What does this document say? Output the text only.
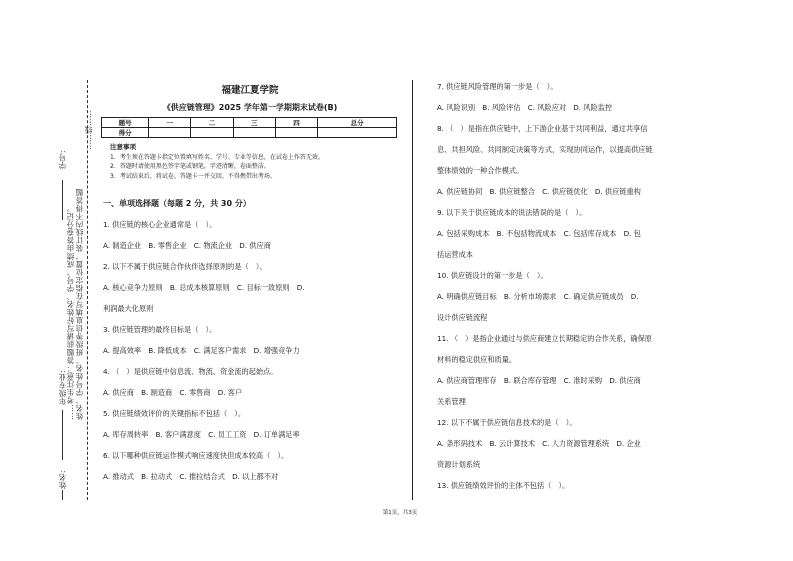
学号:
……考生注意：答题前请写好姓名、学号，成绩由答卷分记， 姓名、学号姓名、班级等信息填写在指定位置，装订线内不得答题
年级专业:
姓名:
……线……
福建江夏学院
《供应链管理》2025 学年第一学期期末试卷(B)
题号	一	二	三	四	总分
得分					
注意事项
1．考生须在答题卡指定位置填写姓名、学号、专业等信息，在试卷上作答无效。
2．答题时请使用黑色签字笔或钢笔，字迹清晰，卷面整洁。
3．考试结束后，将试卷、答题卡一并交回，不得携带出考场。

一、单项选择题（每题 2 分，共 30 分）

1. 供应链的核心企业通常是（　）。

A. 制造企业　B. 零售企业　C. 物流企业　D. 供应商

2. 以下不属于供应链合作伙伴选择原则的是（　）。

A. 核心竞争力原则　B. 总成本核算原则　C. 目标一致原则　D.

利润最大化原则

3. 供应链管理的最终目标是（　）。

A. 提高效率　B. 降低成本　C. 满足客户需求　D. 增强竞争力

4. （　）是供应链中信息流、物流、资金流的起始点。

A. 供应商　B. 制造商　C. 零售商　D. 客户

5. 供应链绩效评价的关键指标不包括（　）。

A. 库存周转率　B. 客户满意度　C. 员工工资　D. 订单满足率

6. 以下哪种供应链运作模式响应速度快但成本较高（　）。

A. 推动式　B. 拉动式　C. 推拉结合式　D. 以上都不对

7. 供应链风险管理的第一步是（　）。

A. 风险识别　B. 风险评估　C. 风险应对　D. 风险监控

8. （　）是指在供应链中，上下游企业基于共同利益，通过共享信

息、共担风险、共同制定决策等方式，实现协同运作，以提高供应链

整体绩效的一种合作模式。

A. 供应链协同　B. 供应链整合　C. 供应链优化　D. 供应链重构

9. 以下关于供应链成本的说法错误的是（　）。

A. 包括采购成本　B. 不包括物流成本　C. 包括库存成本　D. 包

括运营成本

10. 供应链设计的第一步是（　）。

A. 明确供应链目标　B. 分析市场需求　C. 确定供应链成员　D.

设计供应链流程

11. （　）是指企业通过与供应商建立长期稳定的合作关系，确保原

材料的稳定供应和质量。

A. 供应商管理库存　B. 联合库存管理　C. 准时采购　D. 供应商

关系管理

12. 以下不属于供应链信息技术的是（　）。

A. 条形码技术　B. 云计算技术　C. 人力资源管理系统　D. 企业

资源计划系统

13. 供应链绩效评价的主体不包括（　）。

第1页，共3页
